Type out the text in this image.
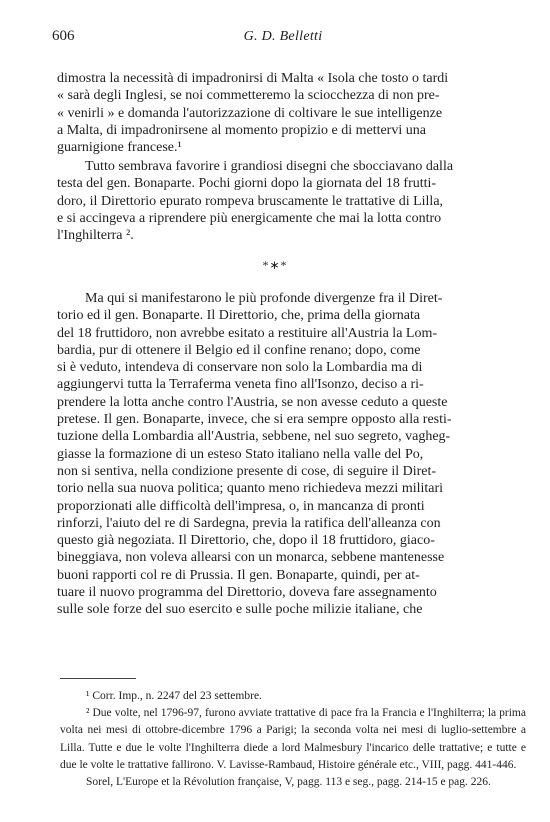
606	G. D. Belletti
dimostra la necessità di impadronirsi di Malta « Isola che tosto o tardi
« sarà degli Inglesi, se noi commetteremo la sciocchezza di non pre-
« venirli » e domanda l'autorizzazione di coltivare le sue intelligenze
a Malta, di impadronirsene al momento propizio e di mettervi una
guarnigione francese.¹
Tutto sembrava favorire i grandiosi disegni che sbocciavano dalla
testa del gen. Bonaparte. Pochi giorni dopo la giornata del 18 frutti-
doro, il Direttorio epurato rompeva bruscamente le trattative di Lilla,
e si accingeva a riprendere più energicamente che mai la lotta contro
l'Inghilterra ².
*∗*
Ma qui si manifestarono le più profonde divergenze fra il Diret-
torio ed il gen. Bonaparte. Il Direttorio, che, prima della giornata
del 18 fruttidoro, non avrebbe esitato a restituire all'Austria la Lom-
bardia, pur di ottenere il Belgio ed il confine renano; dopo, come
si è veduto, intendeva di conservare non solo la Lombardia ma di
aggiungervi tutta la Terraferma veneta fino all'Isonzo, deciso a ri-
prendere la lotta anche contro l'Austria, se non avesse ceduto a queste
pretese. Il gen. Bonaparte, invece, che si era sempre opposto alla resti-
tuzione della Lombardia all'Austria, sebbene, nel suo segreto, vagheg-
giasse la formazione di un esteso Stato italiano nella valle del Po,
non si sentiva, nella condizione presente di cose, di seguire il Diret-
torio nella sua nuova politica; quanto meno richiedeva mezzi militari
proporzionati alle difficoltà dell'impresa, o, in mancanza di pronti
rinforzi, l'aiuto del re di Sardegna, previa la ratifica dell'alleanza con
questo già negoziata. Il Direttorio, che, dopo il 18 fruttidoro, giaco-
bineggiava, non voleva allearsi con un monarca, sebbene mantenesse
buoni rapporti col re di Prussia. Il gen. Bonaparte, quindi, per at-
tuare il nuovo programma del Direttorio, doveva fare assegnamento
sulle sole forze del suo esercito e sulle poche milizie italiane, che

¹ Corr. Imp., n. 2247 del 23 settembre.

² Due volte, nel 1796-97, furono avviate trattative di pace fra la Francia e l'Inghilterra; la prima volta nei mesi di ottobre-dicembre 1796 a Parigi; la seconda volta nei mesi di luglio-settembre a Lilla. Tutte e due le volte l'Inghilterra diede a lord Malmesbury l'incarico delle trattative; e tutte e due le volte le trattative fallirono. V. Lavisse-Rambaud, Histoire générale etc., VIII, pagg. 441-446.

Sorel, L'Europe et la Révolution française, V, pagg. 113 e seg., pagg. 214-15 e pag. 226.
